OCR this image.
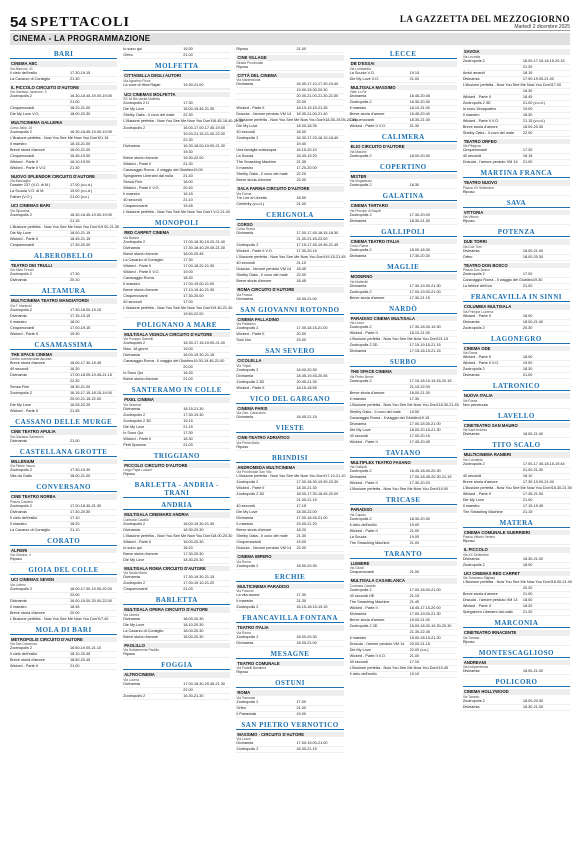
54 SPETTACOLI	LA GAZZETTA DEL MEZZOGIORNO
Martedì 2 dicembre 2025
CINEMA - LA PROGRAMMAZIONE
BARI
CINEMA ABC
Via Marconi, 41
Il cielo dell'esilio	17.30-19.15
La Cavarzo di Consiglio	21.30
IL PICCOLO CIRCUITO D'AUTORE
Via Gaetano Javarone, 3
Zootropolis 2	16.30-18.45-19.00-19.05
21.00
Cinquenovanti	18.20-21.00
Die My Love V.O.	18.00-20.30
MULTICINEMA GALLERIA
Corso Italia, 15
Zootropolis 2	16.30-18.45-19.00-19.05
L'illusione perfetta - Now You See Me Now You Don't 21.15
Il maestro	18.15-21.00
Breve storia d'amore	16.00-21.00
Cinquenovanti	16.45-19.00
Wicked - Parte II	16.10-19.00
Wicked - Parte II V.O.	21.30
NUOVO SPLENDOR CIRCUITO D'AUTORE
Via Baccaglini
Dossier 137 (V.O. di M.)	17.00 (v.o.d.)
La Scuola V.O. di M.	19.00 (v.o.d.)
Father (V.O.)	21.00 (v.o.)
UCI CINEMAS BARI
Via Sipontina
Zootropolis 2	16.30-18.45-19.00-19.05
21.15
L'illusione perfetta - Now You See Me Now You Don't 19.00-21.30
Die My Love	18.00-21.15
Wicked - Parte II	18.45-21.15
Cinquenovanti	17.30-20.00
ALBEROBELLO
TEATRO DEI TRULLI
Via Sisto Ferrari
Zootropolis 2	17.30
Divinamia	20.10
ALTAMURA
MULTICINEMA TEATRO MANGIATORDI
Via F. Mantrulli
Zootropolis 2	17.30-18.00-19.15
Divinamia	17.15-19.15
Il maestro	18.00
Cinquenovanti	17.00-19.15
Wicked - Parte II	19.30
CASAMASSIMA
THE SPACE CINEMA
Centro commerciale Auchan
Breve storia d'amore	16.00-17.30-19.45
40 secondi	16.30
Divinamia	17.00-18.05-19.45-21.15
22.30
Senza Fine	18.30-21.00
Zootropolis 2	16.15-17.15-18.15-19.00
20.00-21.15-22.00
Die My Love	16.05-22.25
Wicked - Parte II	21.45
CASSANO DELLE MURGE
CINE TEATRO APULIA
Via Gaetano Salvemini
Divinamia	21.00
CASTELLANA GROTTE
MILLENIUM
Via Pidote Vacca
Zootropolis 2	17.30-19.30
Vita da Gatto	18.00-21.00
CONVERSANO
CINE TEATRO NORBA
Piazza Castello
Zootropolis 2	17.00-18.30-21.30
Divinamia	17.30-20.30
Il cielo dell'esilio	17.10
Il maestro	18.20
La Cavarzo di Consiglio	21.10
CORATO
ALFIERI
Via Gravina, 4
Riposo
GIOIA DEL COLLE
UCI CINEMAS SEVEN
Via Lottero
Zootropolis 2	16.00-17.00-19.00-20.00
22.00
Divinamia	16.00-19.00-20.00-22.00
Il maestro	18.45
Breve storia d'amore	20.00
L'illusione perfetta - Now You See Me Now You Don't 17.40
MOLA DI BARI
METROPOLIS CIRCUITO D'AUTORE
Via San Domenico
Zootropolis 2	16.50-19.00-21.10
Il cielo dell'esilio	18.10-20.45
Breve storia d'amore	18.50-20.45
Wicked - Parte II	21.00
Io sono qui	19.30
Orfeo	21.00
MOLFETTA
CITTADELLA DEGLI AUTORI
Via Agostino Picca
La voce di Hind Rajab	19.30-21.00
UCI CINEMAS MOLFETTA
SS 16 Bis uscita Molfetta
Zootropolis 2 D	17.30
Die My Love	18.00-19.45-21.30
Shelby Oaks - Il covo del male	22.30
L'illusione perfetta - Now You See Me Now You Don't 16.45-18.40-20.30
Zootropolis 2	16.00-17.00-17.45-19.00
19.20-21.15-21.00-22.00
22.30
Divinamia	16.30-18.00-19.00-21.30
19.30
Breve storia d'amore	19.30-22.00
Wicked - Parte II	21.30
Caravaggio Roma - Il viaggio del Giubileo 19.00
Spingsteen Liberami dal nulla	21.40
Senza Fine	18.00
Wicked - Parte II V.O.	20.40
Il maestro	16.15
40 secondi	21.10
Cinquenovanti	19.45
L'illusione perfetta - Now You See Me Now You Don't V.O. 21.40
MONOPOLI
RED CARPET CINEMA
Via Baione
Zootropolis 2	17.00-18.30-19.20-21.40
Divinamia	17.30-18.40-20.45-21.30
Breve storia d'amore	18.00-20.45
La Cavarzo di Consiglio	17.30
Wicked - Parte II	17.00-18.20-21.30
Wicked - Parte II V.O.	19.00
Caravaggio Roma	18.30
Il maestro	17.00-19.00-21.00
Breve storia d'amore	17.10-19.40-21.30
Cinquenovanti	17.30-20.00
40 secondi	17.00
L'illusione perfetta - Now You See Me Now You Don't 19.40-21.40
19.50-22.00
POLIGNANO A MARE
MULTISALA VIGNOLA CIRCUITO D'AUTORE
Via Pompeo Sarnelli
Zootropolis 2	16.30-17.15-19.00-21.00
Nino. 18 giorni	19.00
Divinamia	18.00-19.30-21.15
Caravaggio Roma - Il viaggio del Giubileo 19.30-19.45-21.00
20.00
Io Sono Qui	16.30
Breve storia d'amore	21.00
SANTERAMO IN COLLE
PIXEL CINEMA
Via Gramsci
Divinamia	18.15-21.30
Zootropolis 2	17.30-19.30
Zootropolis 2 3D	19.15
Die My Love	21.15
Io Sono Qui	17.30
Wicked - Parte II	18.30
Petit Sparrow	21.00
TRIGGIANO
PICCOLO CIRCUITO D'AUTORE
Largo Papa Luciani
Riposo
BARLETTA - ANDRIA - TRANI
ANDRIA
MULTISALA CINEMARS ANDRIA
Contrada Cavallo
Zootropolis 2	18.00-19.30-21.30
Divinamia	18.30-20.30
L'illusione perfetta - Now You See Me Now You Don't 18.00-20.30
Wicked - Parte II	18.00-20.30
Io sono qui	18.20
Breve storia d'amore	17.30-20.30
Die My Love	18.30-20.30
MULTISALA ROMA CIRCUITO D'AUTORE
Via Santa Maria
Divinamia	17.30-19.30-21.15
Zootropolis 2	17.00-19.10-21.20
Cinquenovanti	21.00
BARLETTA
MULTISALA OPERA CIRCUITO D'AUTORE
Via Libertà
Divinamia	18.00-20.30
Die My Love	18.10-20.30
La Cavarzo di Consiglio	18.00-20.30
Breve storia d'amore	18.00-20.30
PAOLILLO
Via Sottotenente Paolillo
Riposo
FOGGIA
ALTROCINEMA
Via Lucera
Divinamia	17.00-18.30-20.45-21.30
22.00
Zootropolis 2	16.30-21.30
Riposo	21.00
CINE VILLAGE
Strada Provinciale
Riposo
CITTÀ DEL CINEMA
Via Manfredonia
Divinamia	16.30-17.10-17.30-19.40
19.00-19.30-20.30
20.00-21.00-21.30-21.50
22.00
Wicked - Parte II	18.10-19.15-21.35
Dracula - l'amore perduto VM 14	18.35-21.00-21.40
L'illusione perfetta - Now You See Me Now You Don't 18.35-19.05-21.15
Die My Love	18.00-18.35
40 secondi	18.00
Zootropolis 2	16.30-17.20-18.10-18.40
19.40
Una famiglia sottosopra	16.15-20.10
La Scuola	18.40-19.20
The Smashing Machine	21.35
Il maestro	17.20-20.00
Shelby Oaks - Il covo del male	22.20
Breve storia d'amore	22.00
SALA FARINA CIRCUITO D'AUTORE
Via Farina
Tre Lire al Libretto	18.00
Celebrity (v.o.d.)	21.00
CERIGNOLA
CORSO
Corso Roma
Divinamia	17.00-17.45-18.15-18.30
21.30-21.45-22.00
Zootropolis 2	17.15-17.45-19.45-21.45
Wicked - Parte II V.O.	17.30-20.15
L'illusione perfetta - Now You See Me Now You Don't 19.15-21.45
40 secondi	21.10
Dracula - l'amore perduto VM 14	18.45
Shelby Oaks - Il covo del male	22.00
Breve storia d'amore	18.45
ROMA CIRCUITO D'AUTORE
Via Frasca
Divinamia	18.30-21.00
SAN GIOVANNI ROTONDO
CINEMA PALLADINO
Via Palladino
Zootropolis 2	17.00-18.15-21.00
Wicked - Parte II	20.30
Solo Noi	19.00
SAN SEVERO
CICOLELLA
Via Tripoli
Zootropolis 2	18.00-20.30
Divinamia	18.45-19.45-20.45
Zootropolis 2 3D	20.45-21.30
Wicked - Parte II	18.15-18.55
VICO DEL GARGANO
CINEMA PARIS
Via Gen. Caracciolo
Divinamia	18.45-21.15
VIESTE
CINE-TEATRO ADRIATICO
Via Pietra Mallo
Riposo
BRINDISI
ANDROMEDA MULTICINEMA
Via Provinciale San Vito
L'illusione perfetta - Now You See Me Now You Don't 17.10-21.10
Zootropolis 2	17.00-18.30-19.30-20.30
Wicked - Parte II	18.30-21.30
Zootropolis 2 3D	18.00-17.30-18.45-20.00
21.00-21.15
40 secondi	17.15
Die My Love	18.30-22.00
Divinamia	17.00-18.45-21.00
Il maestro	19.00-21.20
Breve storia d'amore	18.20
Shelby Oaks - Il covo del male	21.30
Cinquenovanti	19.00
Dracula - l'amore perduto VM 14	22.00
CINEMA IMPERO
Via Roma
Zootropolis 2	18.00-20.30
ERCHIE
MULTICINEMA PARADISO
Via Foscolo
La vita accesi	17.30
Il maestro	21.30
Zootropolis 2	16.15-18.15-19.15
FRANCAVILLA FONTANA
TEATRO ITALIA
Via Roma
Zootropolis 2	18.00-20.30
Divinamia	18.00-21.00
MESAGNE
TEATRO COMUNALE
Via Fratelli Bandiera
Riposo
OSTUNI
ROMA
Via Tommasi
Zootropolis 2	17.00
Orfeo	21.00
Il Parlavistà	19.00
SAN PIETRO VERNOTICO
MASSIMO - CIRCUITO D'AUTORE
Via Lecce
Divinamia	17.00-19.00-21.00
Zootropolis 2	18.30-21.15
LECCE
DB D'ESSAI
Via Lombardia
La Scuola V.O.	19.15
Die My Love V.O.	21.00
MULTISALA MASSIMO
Viale Lo Re
Divinamia	16.45-20.45
Zootropolis 2	16.30-20.30
Il maestro	18.10-21.00
Breve storia d'amore	16.45-20.40
Cinquenovanti	18.30-21.00
Wicked - Parte II V.O.	21.30
CALIMERA
ELIO CIRCUITO D'AUTORE
Via Mazzini
Zootropolis 2	18.00-20.30
COPERTINO
MISTER
Via Mogadiscio
Zootropolis 2	18.30
GALATINA
CINEMA TARTARO
Via Principe di Napoli
Zootropolis 2	17.30-20.00
Divinamia	18.30-21.30
GALLIPOLI
CINEMA TEATRO ITALIA
Corso Roma
Zootropolis 2	18.00-18.30
Divinamia	17.30-20.30
MAGLIE
MODERNO
Via Matteotti
Divinamia	17.30-19.30-21.30
Zootropolis 2	17.00-19.00-21.00
Breve storia d'amore	17.30-21.15
NARDÒ
PARADISO CINEMA MULTISALA
Via Lecce
Zootropolis 2	17.30-18.30-19.30
Wicked - Parte II	18.10-21.00
L'illusione perfetta - Now You See Me Now You Don't 21.15
Zootropolis 2 3D	17.15-19.15-21.15
Divinamia	17.15-18.15-21.15
SURBO
THE SPACE CINEMA
Via Pietro Nenni
Zootropolis 2	17.15-18.15-19.15-20.15
21.15-22.00
Breve storia d'amore	18.00-21.30
Il maestro	17.30
L'illusione perfetta - Now You See Me Now You Don't 18.30-21.45
Shelby Oaks - Il covo del male	19.50
Caravaggio Roma - Il viaggio del Giubileo 19.15
Divinamia	17.00-18.30-21.00
Die My Love	18.00-20.15-21.30
40 secondi	17.00-20.15
Wicked - Parte II	17.45-20.45
TAVIANO
MULTIPLEX TEATRO FASANO
Via Gallipoli
Zootropolis 2	16.45-18.40-20.30
Divinamia	17.00-18.45-20.30-21.15
Wicked - Parte II	17.30-20.20
L'illusione perfetta - Now You See Me Now You Don't 19.00
TRICASE
PARADISO
Via Caputo
Zootropolis 2	18.30-20.30
Il cielo dell'esilio	19.00
Wicked - Parte II	21.00
La Scuola	19.00
The Smashing Machine	21.00
TARANTO
LUMIERE
Via Giusti
Cinquenovanti	21.00
MULTISALA CASABLANCA
Contrada Castello
Zootropolis 2	17.00-18.00-21.00
40 secondi HE	21.15
The Smashing Machine	21.45
Wicked - Parte II	16.45-17.15-20.00
Divinamia	17.00-19.00-21.30
Breve storia d'amore	19.00-21.00
Zootropolis 2 3D	16.00-18.30-19.30-20.30
21.30-22.45
Il maestro	16.00-18.15-21.20
Dracula - l'amore perduto VM 14	20.00-21.15
Die My Love	22.00 (v.o.)
Wicked - Parte II V.O.	21.00
40 secondi	17.10
L'illusione perfetta - Now You See Me Now You Don't 19.45
Il cielo dell'esilio	19.10
SAVOIA
Via Leonida
Zootropolis 2	16.00-17.15-18.15-20.15
21.30
Amici amanti	18.15
Divinamia	17.00-19.00-21.00
L'illusione perfetta - Now You See Me Now You Don't 17.00
18.30
Wicked - Parte II	18.45
Zootropolis 2 3D	21.00 (v.o.d.)
Io sono Zeroquattro	19.00
Il maestro	18.30
Wicked - Parte II V.O.	21.15 (v.o.d.)
Breve storia d'amore	18.00-20.30
Shelby Oaks - Il covo del male	22.00
TEATRO ORFEO
Via Pitagora
Cinquenovanti	17.30
40 secondi	18.15
Dracula - l'amore perduto VM 14	21.00
MARTINA FRANCA
TEATRO NUOVO
Piazza XX Settembre
Riposo
SAVA
VITTORIA
Via Vittorio
Riposo
POTENZA
DUE TORRI
Via Due Torri
Divinamia	18.00-21.00
Orfeo	18.00-20.30
TEATRO DON BOSCO
Piazza Don Bosco
Zootropolis 2	17.00
Caravaggio Roma - Il viaggio del Giubileo 19.30
La febbre dell'oro	21.00
FRANCAVILLA IN SINNI
COLUMBIA MULTISALA
Via Principe Lucerna
Wicked - Parte II	18.00
Divinamia	18.00-21.00
Zootropolis 2	20.30
LAGONEGRO
CINEMA ODE
Via Roma
Wicked - Parte II	18.00
Wicked - Parte II V.O.	19.00
Zootropolis 2	18.30
Divinamia	21.00
LATRONICO
NUOVA ITALIA
Via Roma
Non pervenuta
LAVELLO
CINETEATRO SAN MAURO
Via Sant'Antonio
Divinamia	18.00-21.00
TITO SCALO
MULTICINEMA RANIERI
Via Cornaleto
Zootropolis 2	17.00-17.45-18.15-19.45
21.00-21.30
40 secondi	18.10
Breve storia d'amore	17.30-19.00-21.00
L'illusione perfetta - Now You See Me Now You Don't 18.30-21.00
Wicked - Parte II	17.45-21.00
Die My Love	21.00
Il maestro	17.15-19.45
The Smashing Machine	21.15
MATERA
CINEMA COMUNALE GUERRIERI
Piazza Vittorio Veneto
Riposo
IL PICCOLO
Via XX Settembre
Divinamia	18.30-21.00
Zootropolis 2	18.00
UCI CINEMAS RED CARPET
Via Tommaso Stigliani
L'illusione perfetta - Now You See Me Now You Don't 18.00-21.00
20.30
Breve storia d'amore	21.00
Dracula - l'amore perduto VM 14	18.00
Wicked - Parte II	18.20
Spingsteen Liberami dal nulla	21.30
MARCONIA
CINETEATRO IRNACENTE
Via Taranto
Riposo
MONTESCAGLIOSO
ANDREANI
Via Indipendenza
Divinamia	18.00-21.00
POLICORO
CINEMA HOLLYWOOD
Via Taranto
Zootropolis 2	18.00-20.30
Divinamia	18.30-21.00
